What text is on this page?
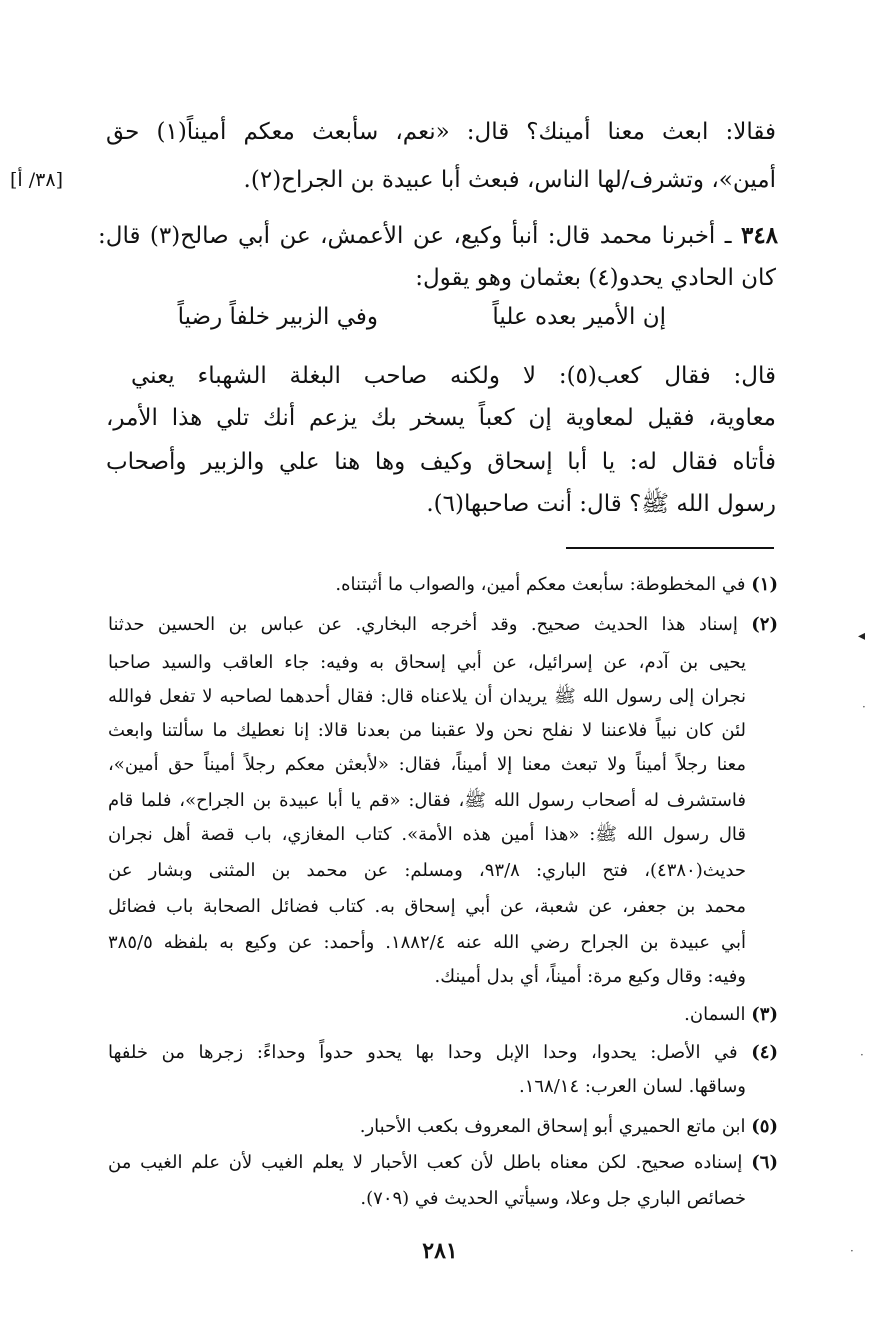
فقالا: ابعث معنا أمينك؟ قال: «نعم، سأبعث معكم أميناً(١) حق
أمين»، وتشرف/لها الناس، فبعث أبا عبيدة بن الجراح(٢).
[٣٨/ أ]
٣٤٨ ـ أخبرنا محمد قال: أنبأ وكيع، عن الأعمش، عن أبي صالح(٣) قال:
كان الحادي يحدو(٤) بعثمان وهو يقول:
إن الأمير بعده علياً
وفي الزبير خلفاً رضياً
قال: فقال كعب(٥): لا ولكنه صاحب البغلة الشهباء يعني
معاوية، فقيل لمعاوية إن كعباً يسخر بك يزعم أنك تلي هذا الأمر،
فأتاه فقال له: يا أبا إسحاق وكيف وها هنا علي والزبير وأصحاب
رسول الله ﷺ؟ قال: أنت صاحبها(٦).
(١) في المخطوطة: سأبعث معكم أمين، والصواب ما أثبتناه.
(٢) إسناد هذا الحديث صحيح. وقد أخرجه البخاري. عن عباس بن الحسين حدثنا
يحيى بن آدم، عن إسرائيل، عن أبي إسحاق به وفيه: جاء العاقب والسيد صاحبا
نجران إلى رسول الله ﷺ يريدان أن يلاعناه قال: فقال أحدهما لصاحبه لا تفعل فوالله
لئن كان نبياً فلاعننا لا نفلح نحن ولا عقبنا من بعدنا قالا: إنا نعطيك ما سألتنا وابعث
معنا رجلاً أميناً ولا تبعث معنا إلا أميناً، فقال: «لأبعثن معكم رجلاً أميناً حق أمين»،
فاستشرف له أصحاب رسول الله ﷺ، فقال: «قم يا أبا عبيدة بن الجراح»، فلما قام
قال رسول الله ﷺ: «هذا أمين هذه الأمة». كتاب المغازي، باب قصة أهل نجران
حديث(٤٣٨٠)، فتح الباري: ٩٣/٨، ومسلم: عن محمد بن المثنى وبشار عن
محمد بن جعفر، عن شعبة، عن أبي إسحاق به. كتاب فضائل الصحابة باب فضائل
أبي عبيدة بن الجراح رضي الله عنه ١٨٨٢/٤. وأحمد: عن وكيع به بلفظه ٣٨٥/٥
وفيه: وقال وكيع مرة: أميناً، أي بدل أمينك.
(٣) السمان.
(٤) في الأصل: يحدوا، وحدا الإبل وحدا بها يحدو حدواً وحداءً: زجرها من خلفها
وساقها. لسان العرب: ١٦٨/١٤.
(٥) ابن ماتع الحميري أبو إسحاق المعروف بكعب الأحبار.
(٦) إسناده صحيح. لكن معناه باطل لأن كعب الأحبار لا يعلم الغيب لأن علم الغيب من
خصائص الباري جل وعلا، وسيأتي الحديث في (٧٠٩).
٢٨١
◂
·
·
·
